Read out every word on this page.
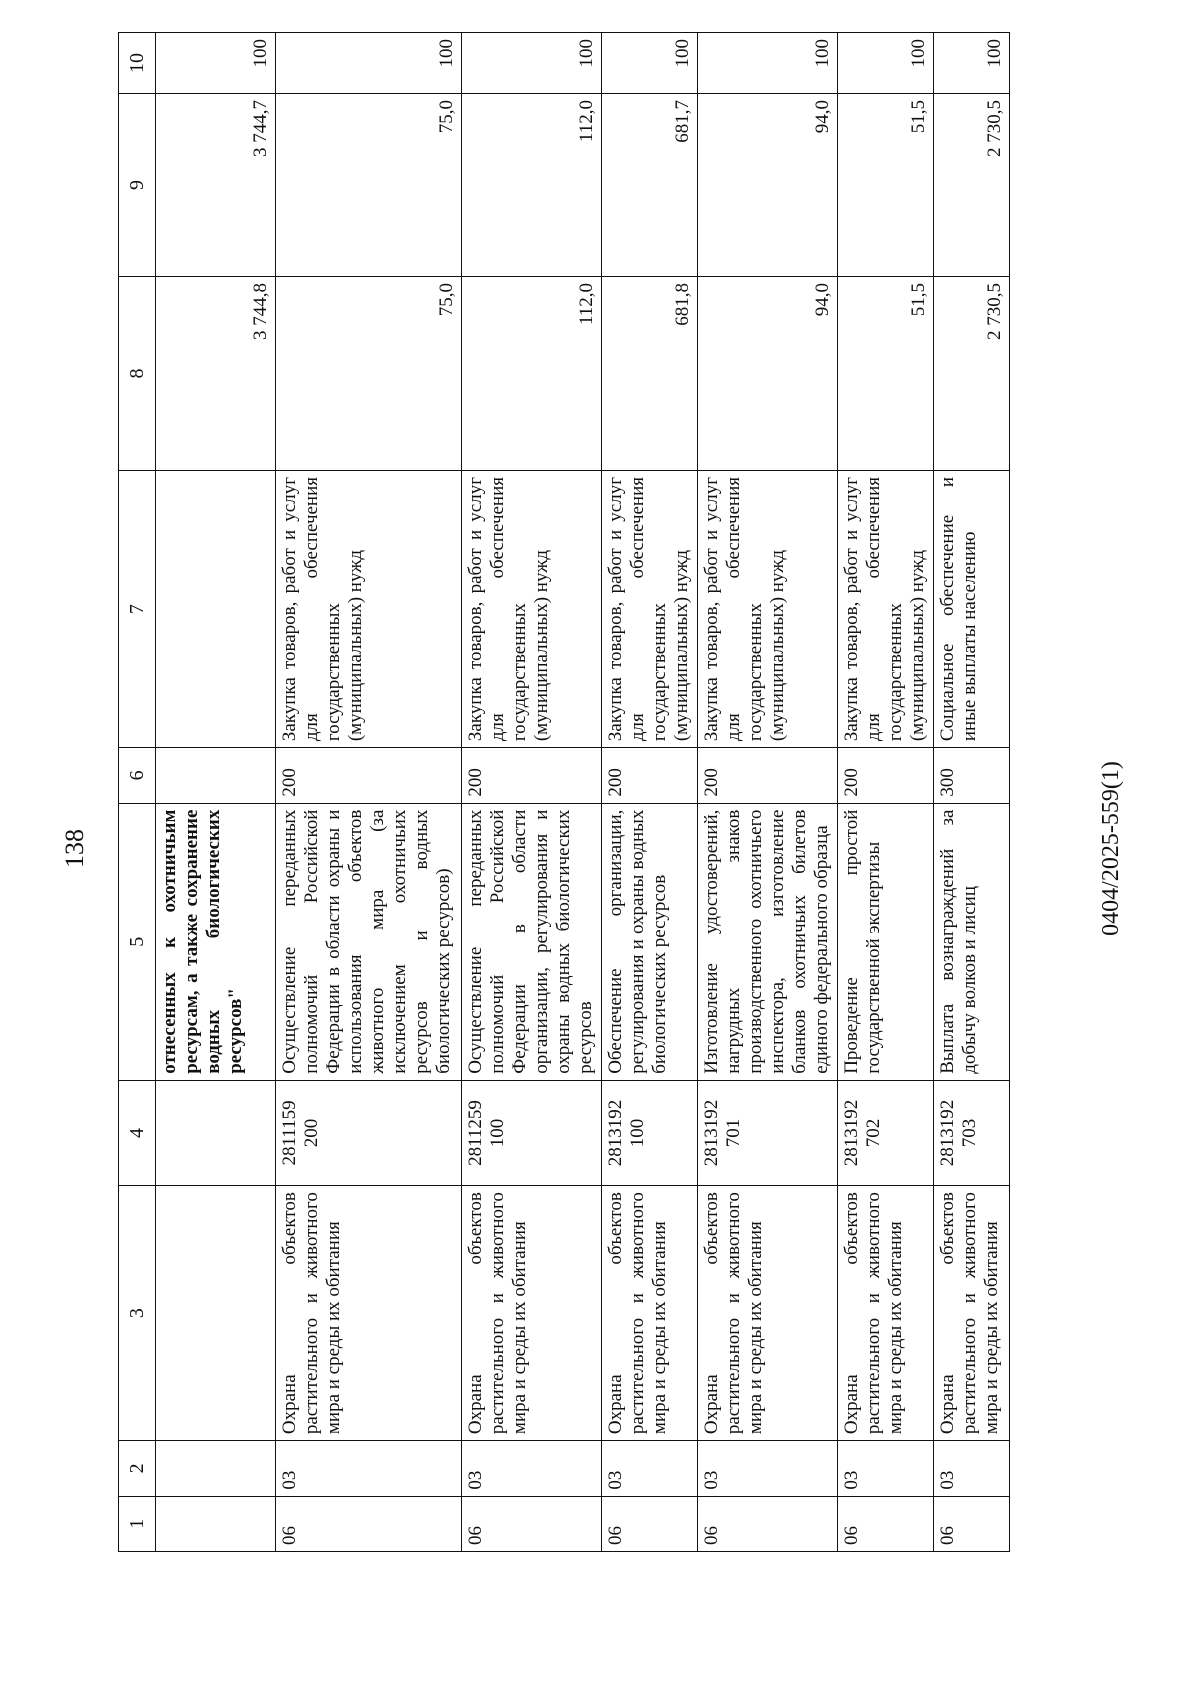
138
1	2	3	4	5	6	7	8	9	10
				отнесенных к охотничьим ресурсам, а также сохранение водных биологических ресурсов"			3 744,8	3 744,7	100
06	03	Охрана объектов растительного и животного мира и среды их обитания	2811159 200	Осуществление переданных полномочий Российской Федерации в области охраны и использования объектов животного мира (за исключением охотничьих ресурсов и водных биологических ресурсов)	200	Закупка товаров, работ и услуг для обеспечения государственных (муниципальных) нужд	75,0	75,0	100
06	03	Охрана объектов растительного и животного мира и среды их обитания	2811259 100	Осуществление переданных полномочий Российской Федерации в области организации, регулирования и охраны водных биологических ресурсов	200	Закупка товаров, работ и услуг для обеспечения государственных (муниципальных) нужд	112,0	112,0	100
06	03	Охрана объектов растительного и животного мира и среды их обитания	2813192 100	Обеспечение организации, регулирования и охраны водных биологических ресурсов	200	Закупка товаров, работ и услуг для обеспечения государственных (муниципальных) нужд	681,8	681,7	100
06	03	Охрана объектов растительного и животного мира и среды их обитания	2813192 701	Изготовление удостоверений, нагрудных знаков производственного охотничьего инспектора, изготовление бланков охотничьих билетов единого федерального образца	200	Закупка товаров, работ и услуг для обеспечения государственных (муниципальных) нужд	94,0	94,0	100
06	03	Охрана объектов растительного и животного мира и среды их обитания	2813192 702	Проведение простой государственной экспертизы	200	Закупка товаров, работ и услуг для обеспечения государственных (муниципальных) нужд	51,5	51,5	100
06	03	Охрана объектов растительного и животного мира и среды их обитания	2813192 703	Выплата вознаграждений за добычу волков и лисиц	300	Социальное обеспечение и иные выплаты населению	2 730,5	2 730,5	100
0404/2025-559(1)
